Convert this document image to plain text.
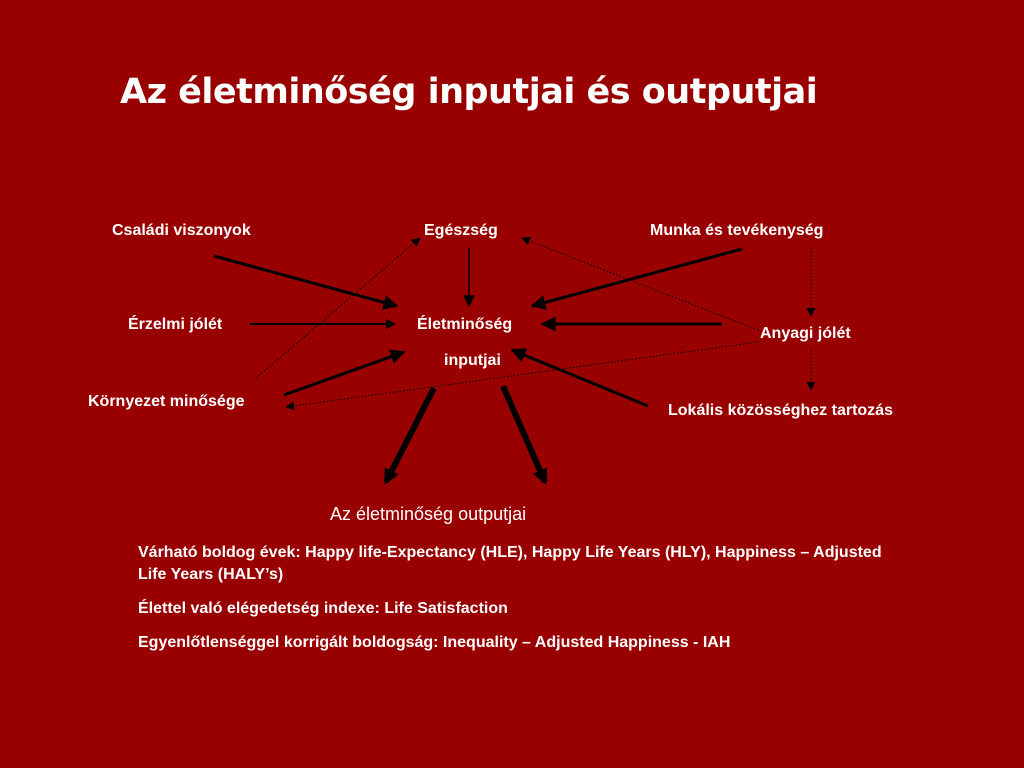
Az életminőség inputjai és outputjai
Családi viszonyok	Egészség	Munka és tevékenység
Érzelmi jólét	Életminőség
inputjai
Anyagi jólét
Környezet minősége
Lokális közösséghez tartozás
Az életminőség outputjai
Várható boldog évek: Happy life-Expectancy (HLE), Happy Life Years (HLY), Happiness – Adjusted Life Years (HALY’s)
Élettel való elégedetség indexe: Life Satisfaction
Egyenlőtlenséggel korrigált boldogság: Inequality – Adjusted Happiness - IAH
